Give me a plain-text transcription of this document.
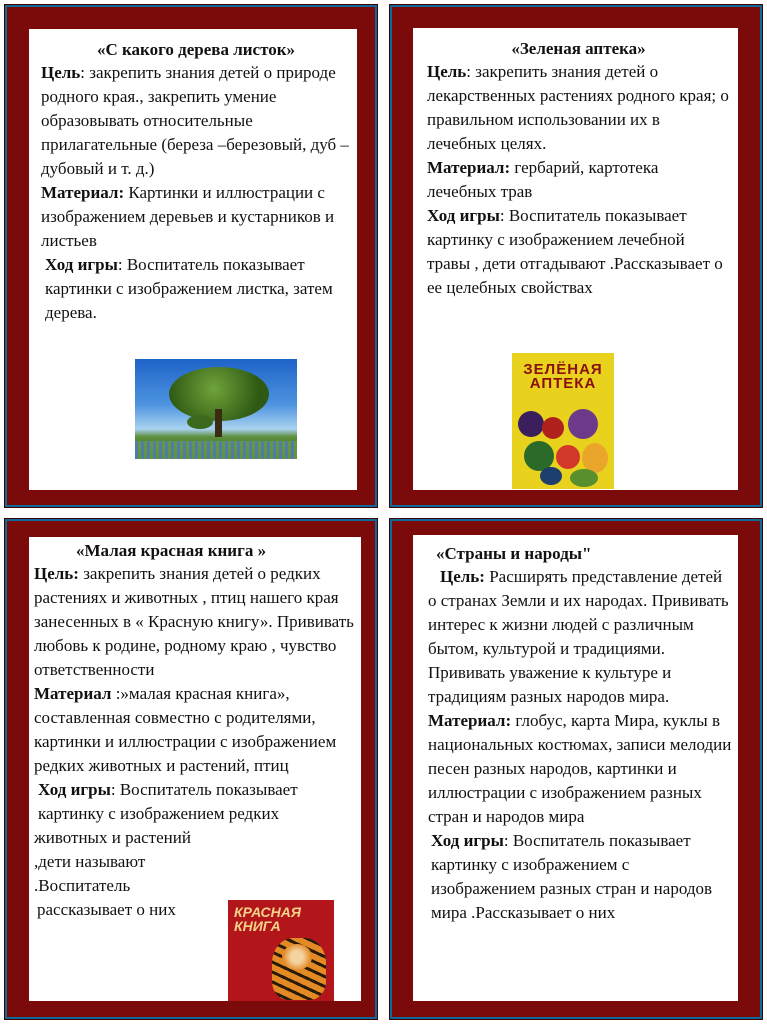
«С какого дерева листок»

Цель: закрепить знания детей о природе родного края., закрепить умение образовывать относительные прилагательные (береза –березовый, дуб – дубовый и т. д.)

Материал: Картинки и иллюстрации с изображением деревьев и кустарников и листьев

Ход игры: Воспитатель показывает картинки с изображением листка, затем дерева.

«Зеленая аптека»

Цель: закрепить знания детей о лекарственных растениях родного края; о правильном использовании их в лечебных целях.

Материал: гербарий, картотека лечебных трав

Ход игры: Воспитатель показывает картинку с изображением лечебной травы , дети отгадывают .Рассказывает о ее целебных свойствах

ЗЕЛЁНАЯ
АПТЕКА
«Малая красная книга »

Цель: закрепить знания детей о редких растениях и животных , птиц нашего края занесенных в « Красную книгу». Прививать любовь к родине, родному краю , чувство ответственности

Материал :»малая красная книга», составленная совместно с родителями, картинки и иллюстрации с изображением редких животных и растений, птиц

Ход игры: Воспитатель показывает

картинку с изображением редких

животных и растений

,дети называют

.Воспитатель

рассказывает о них	КРАСНАЯ КНИГА
«Страны и народы"

Цель: Расширять представление детей о странах Земли и их народах. Прививать интерес к жизни людей с различным бытом, культурой и традициями. Прививать уважение к культуре и традициям разных народов мира.

Материал: глобус, карта Мира, куклы в национальных костюмах, записи мелодии песен разных народов, картинки и иллюстрации с изображением разных стран и народов мира

Ход игры: Воспитатель показывает картинку с изображением с изображением разных стран и народов мира .Рассказывает о них
